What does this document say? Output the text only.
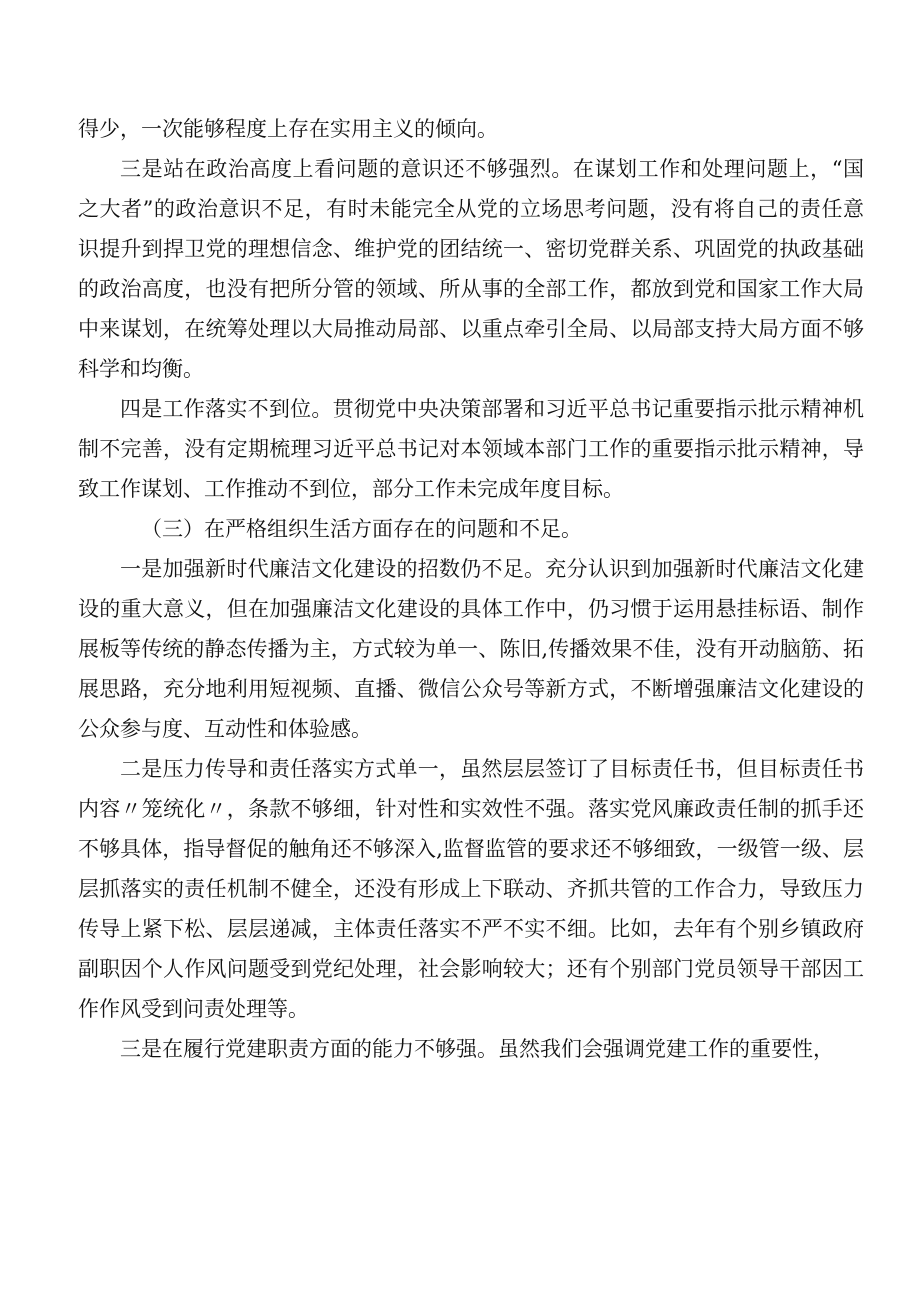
得少，一次能够程度上存在实用主义的倾向。

三是站在政治高度上看问题的意识还不够强烈。在谋划工作和处理问题上，“国之大者”的政治意识不足，有时未能完全从党的立场思考问题，没有将自己的责任意识提升到捍卫党的理想信念、维护党的团结统一、密切党群关系、巩固党的执政基础的政治高度，也没有把所分管的领域、所从事的全部工作，都放到党和国家工作大局中来谋划，在统筹处理以大局推动局部、以重点牵引全局、以局部支持大局方面不够科学和均衡。

四是工作落实不到位。贯彻党中央决策部署和习近平总书记重要指示批示精神机制不完善，没有定期梳理习近平总书记对本领域本部门工作的重要指示批示精神，导致工作谋划、工作推动不到位，部分工作未完成年度目标。

（三）在严格组织生活方面存在的问题和不足。

一是加强新时代廉洁文化建设的招数仍不足。充分认识到加强新时代廉洁文化建设的重大意义，但在加强廉洁文化建设的具体工作中，仍习惯于运用悬挂标语、制作展板等传统的静态传播为主，方式较为单一、陈旧,传播效果不佳，没有开动脑筋、拓展思路，充分地利用短视频、直播、微信公众号等新方式，不断增强廉洁文化建设的公众参与度、互动性和体验感。

二是压力传导和责任落实方式单一，虽然层层签订了目标责任书，但目标责任书内容〃笼统化〃，条款不够细，针对性和实效性不强。落实党风廉政责任制的抓手还不够具体，指导督促的触角还不够深入,监督监管的要求还不够细致，一级管一级、层层抓落实的责任机制不健全，还没有形成上下联动、齐抓共管的工作合力，导致压力传导上紧下松、层层递减，主体责任落实不严不实不细。比如，去年有个别乡镇政府副职因个人作风问题受到党纪处理，社会影响较大；还有个别部门党员领导干部因工作作风受到问责处理等。

三是在履行党建职责方面的能力不够强。虽然我们会强调党建工作的重要性，
